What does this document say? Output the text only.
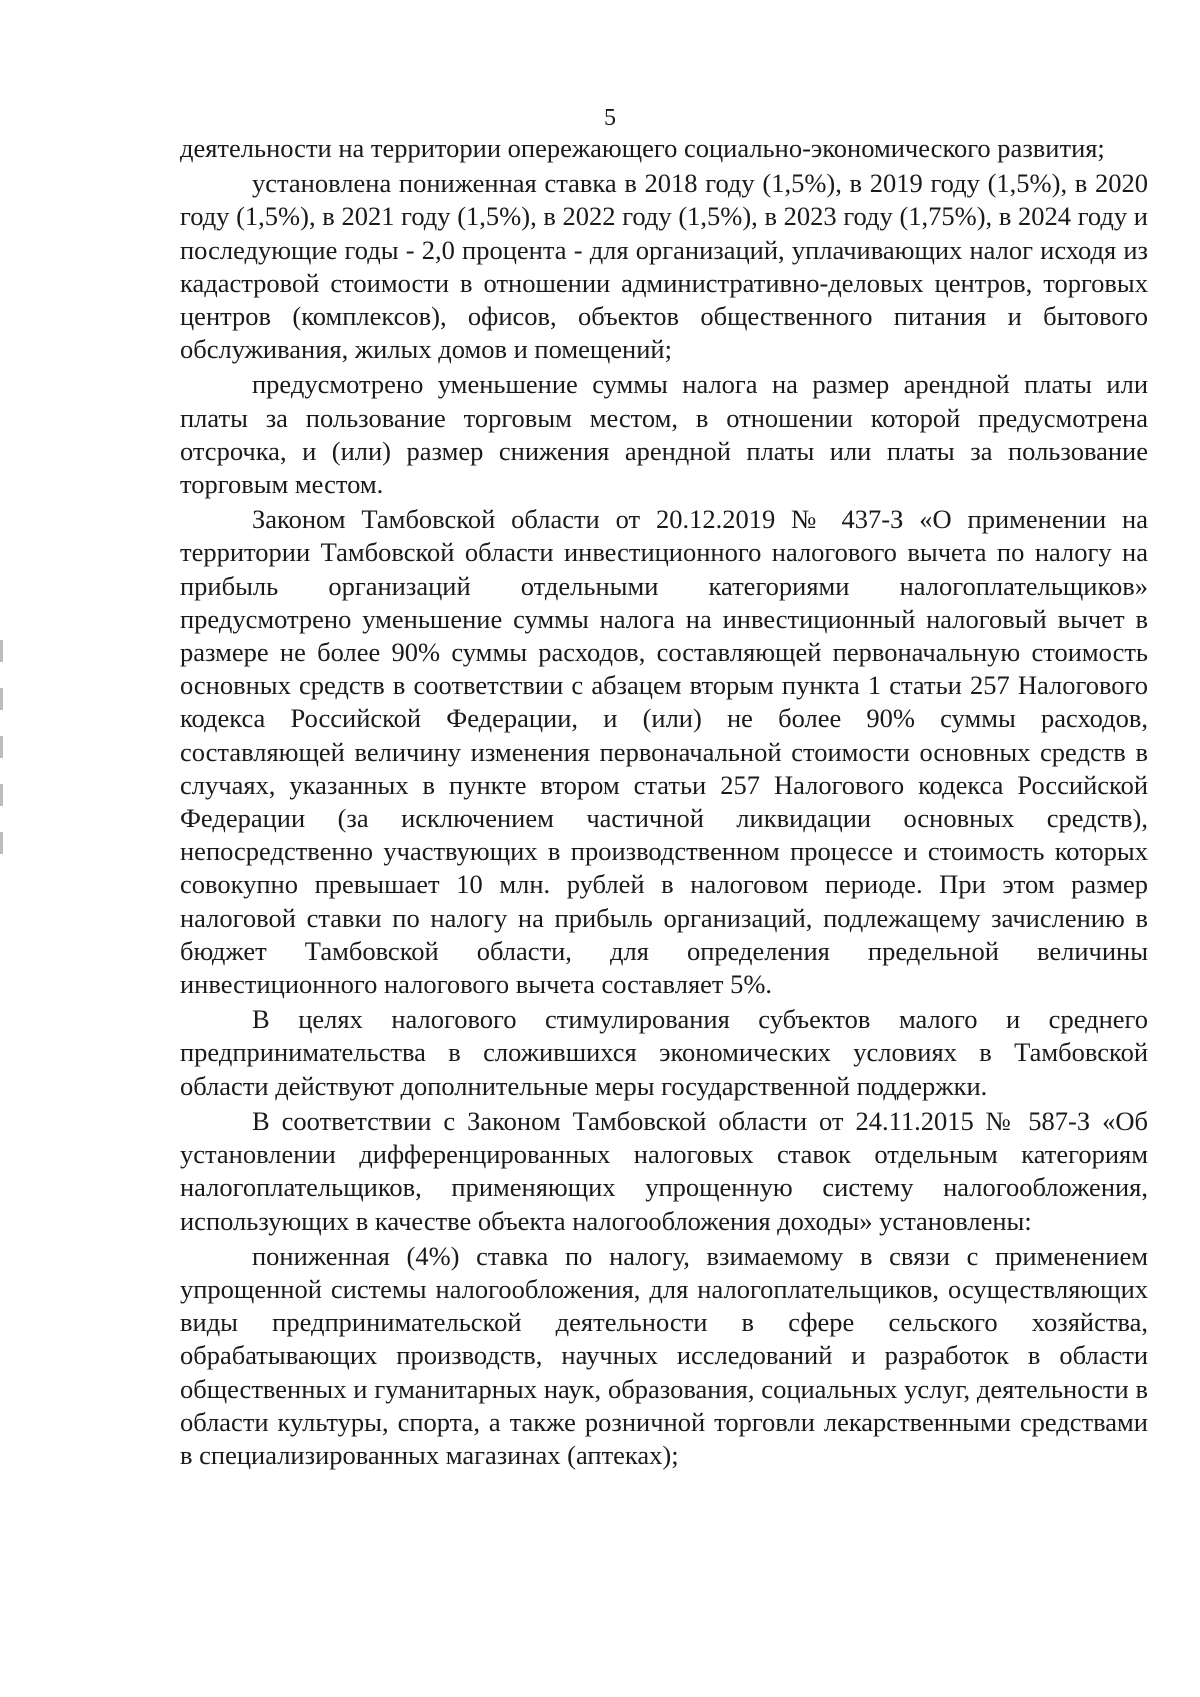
5

деятельности на территории опережающего социально-экономического развития;

установлена пониженная ставка в 2018 году (1,5%), в 2019 году (1,5%), в 2020 году (1,5%), в 2021 году (1,5%), в 2022 году (1,5%), в 2023 году (1,75%), в 2024 году и последующие годы - 2,0 процента - для организаций, уплачивающих налог исходя из кадастровой стоимости в отношении административно-деловых центров, торговых центров (комплексов), офисов, объектов общественного питания и бытового обслуживания, жилых домов и помещений;

предусмотрено уменьшение суммы налога на размер арендной платы или платы за пользование торговым местом, в отношении которой предусмотрена отсрочка, и (или) размер снижения арендной платы или платы за пользование торговым местом.

Законом Тамбовской области от 20.12.2019 № 437-З «О применении на территории Тамбовской области инвестиционного налогового вычета по налогу на прибыль организаций отдельными категориями налогоплательщиков» предусмотрено уменьшение суммы налога на инвестиционный налоговый вычет в размере не более 90% суммы расходов, составляющей первоначальную стоимость основных средств в соответствии с абзацем вторым пункта 1 статьи 257 Налогового кодекса Российской Федерации, и (или) не более 90% суммы расходов, составляющей величину изменения первоначальной стоимости основных средств в случаях, указанных в пункте втором статьи 257 Налогового кодекса Российской Федерации (за исключением частичной ликвидации основных средств), непосредственно участвующих в производственном процессе и стоимость которых совокупно превышает 10 млн. рублей в налоговом периоде. При этом размер налоговой ставки по налогу на прибыль организаций, подлежащему зачислению в бюджет Тамбовской области, для определения предельной величины инвестиционного налогового вычета составляет 5%.

В целях налогового стимулирования субъектов малого и среднего предпринимательства в сложившихся экономических условиях в Тамбовской области действуют дополнительные меры государственной поддержки.

В соответствии с Законом Тамбовской области от 24.11.2015 № 587-З «Об установлении дифференцированных налоговых ставок отдельным категориям налогоплательщиков, применяющих упрощенную систему налогообложения, использующих в качестве объекта налогообложения доходы» установлены:

пониженная (4%) ставка по налогу, взимаемому в связи с применением упрощенной системы налогообложения, для налогоплательщиков, осуществляющих виды предпринимательской деятельности в сфере сельского хозяйства, обрабатывающих производств, научных исследований и разработок в области общественных и гуманитарных наук, образования, социальных услуг, деятельности в области культуры, спорта, а также розничной торговли лекарственными средствами в специализированных магазинах (аптеках);
